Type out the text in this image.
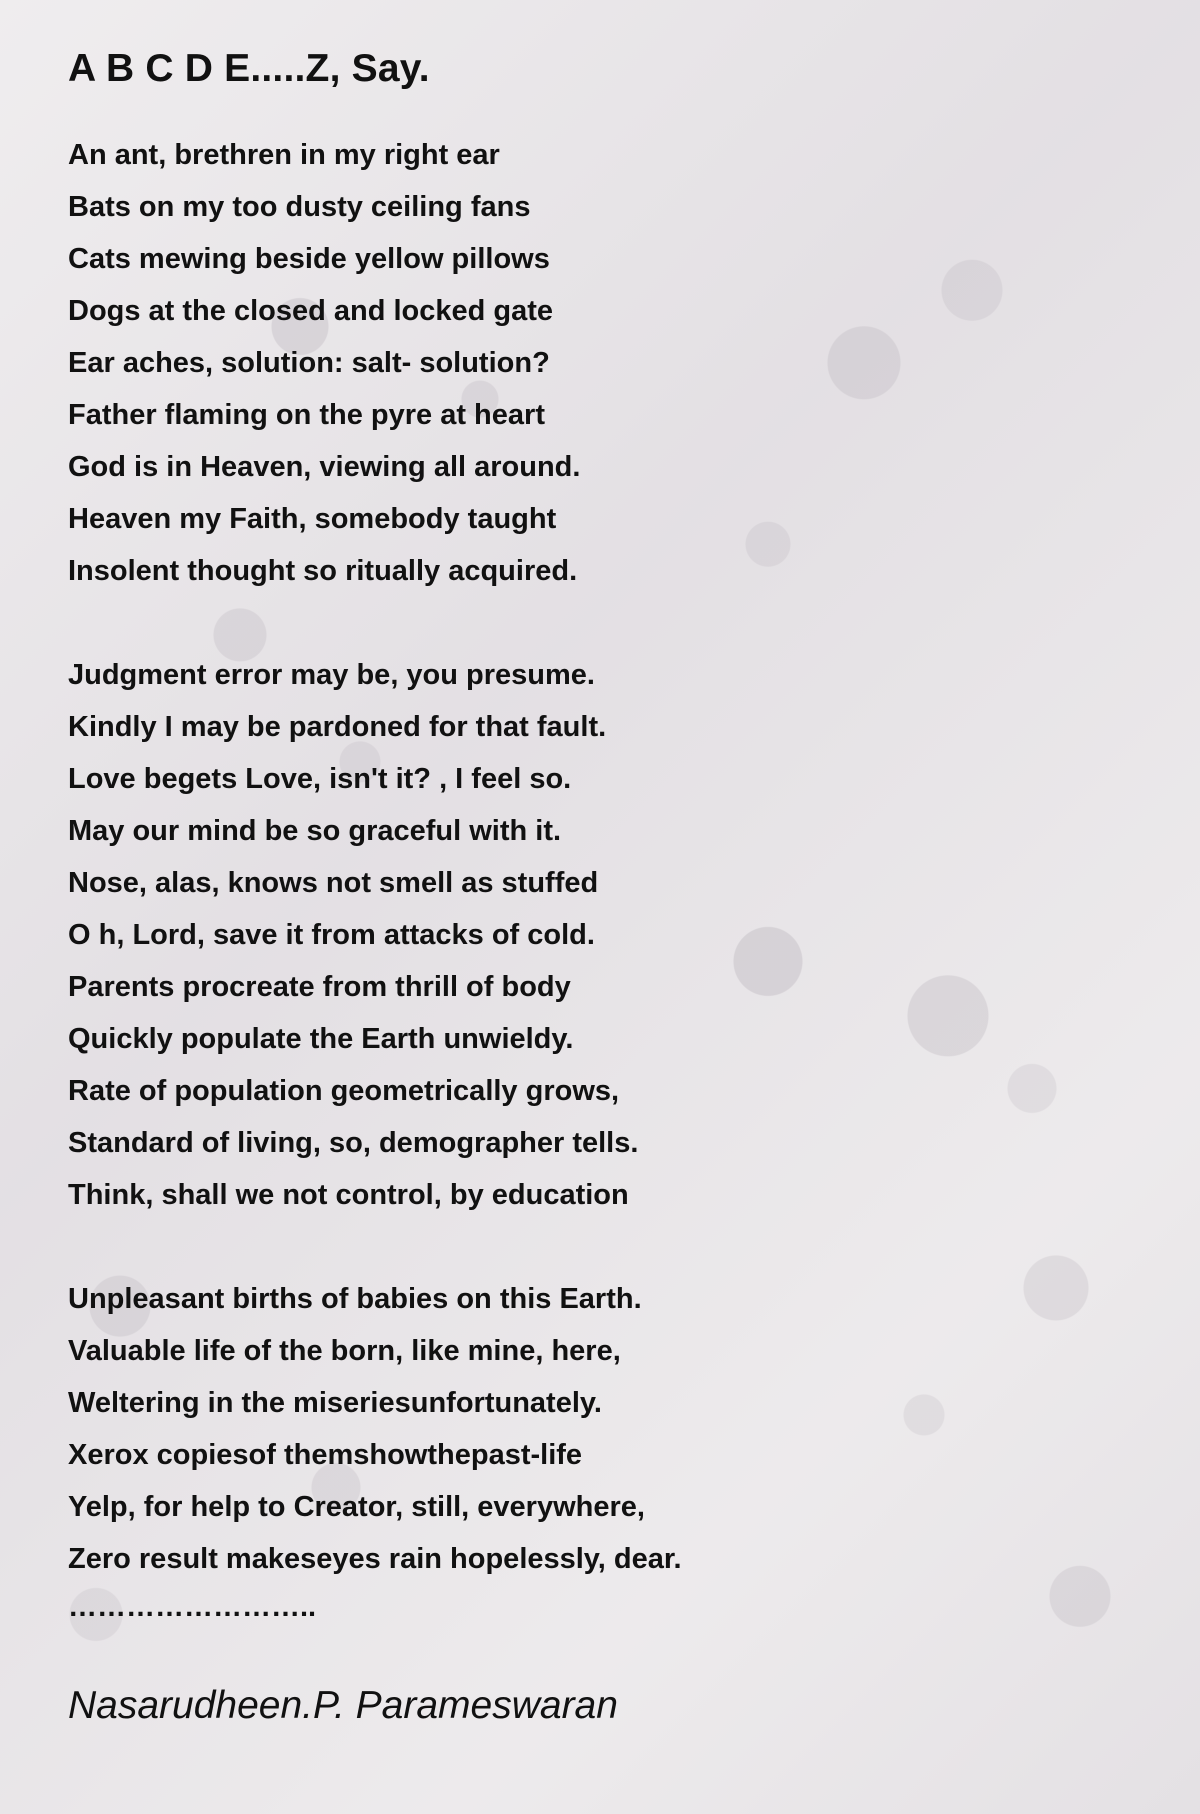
A B C D E.....Z, Say.
An ant, brethren in my right ear
Bats on my too dusty ceiling fans
Cats mewing beside yellow pillows
Dogs at the closed and locked gate
Ear aches, solution: salt- solution?
Father flaming on the pyre at heart
God is in Heaven, viewing all around.
Heaven my Faith, somebody taught
Insolent thought so ritually acquired.
Judgment error may be, you presume.
Kindly I may be pardoned for that fault.
Love begets Love, isn't it? , I feel so.
May our mind be so graceful with it.
Nose, alas, knows not smell as stuffed
O h, Lord, save it from attacks of cold.
Parents procreate from thrill of body
Quickly populate the Earth unwieldy.
Rate of population geometrically grows,
Standard of living, so, demographer tells.
Think, shall we not control, by education
Unpleasant births of babies on this Earth.
Valuable life of the born, like mine, here,
Weltering in the miseriesunfortunately.
Xerox copiesof themshowthepast-life
Yelp, for help to Creator, still, everywhere,
Zero result makeseyes rain hopelessly, dear.
……………………..
Nasarudheen.P. Parameswaran
